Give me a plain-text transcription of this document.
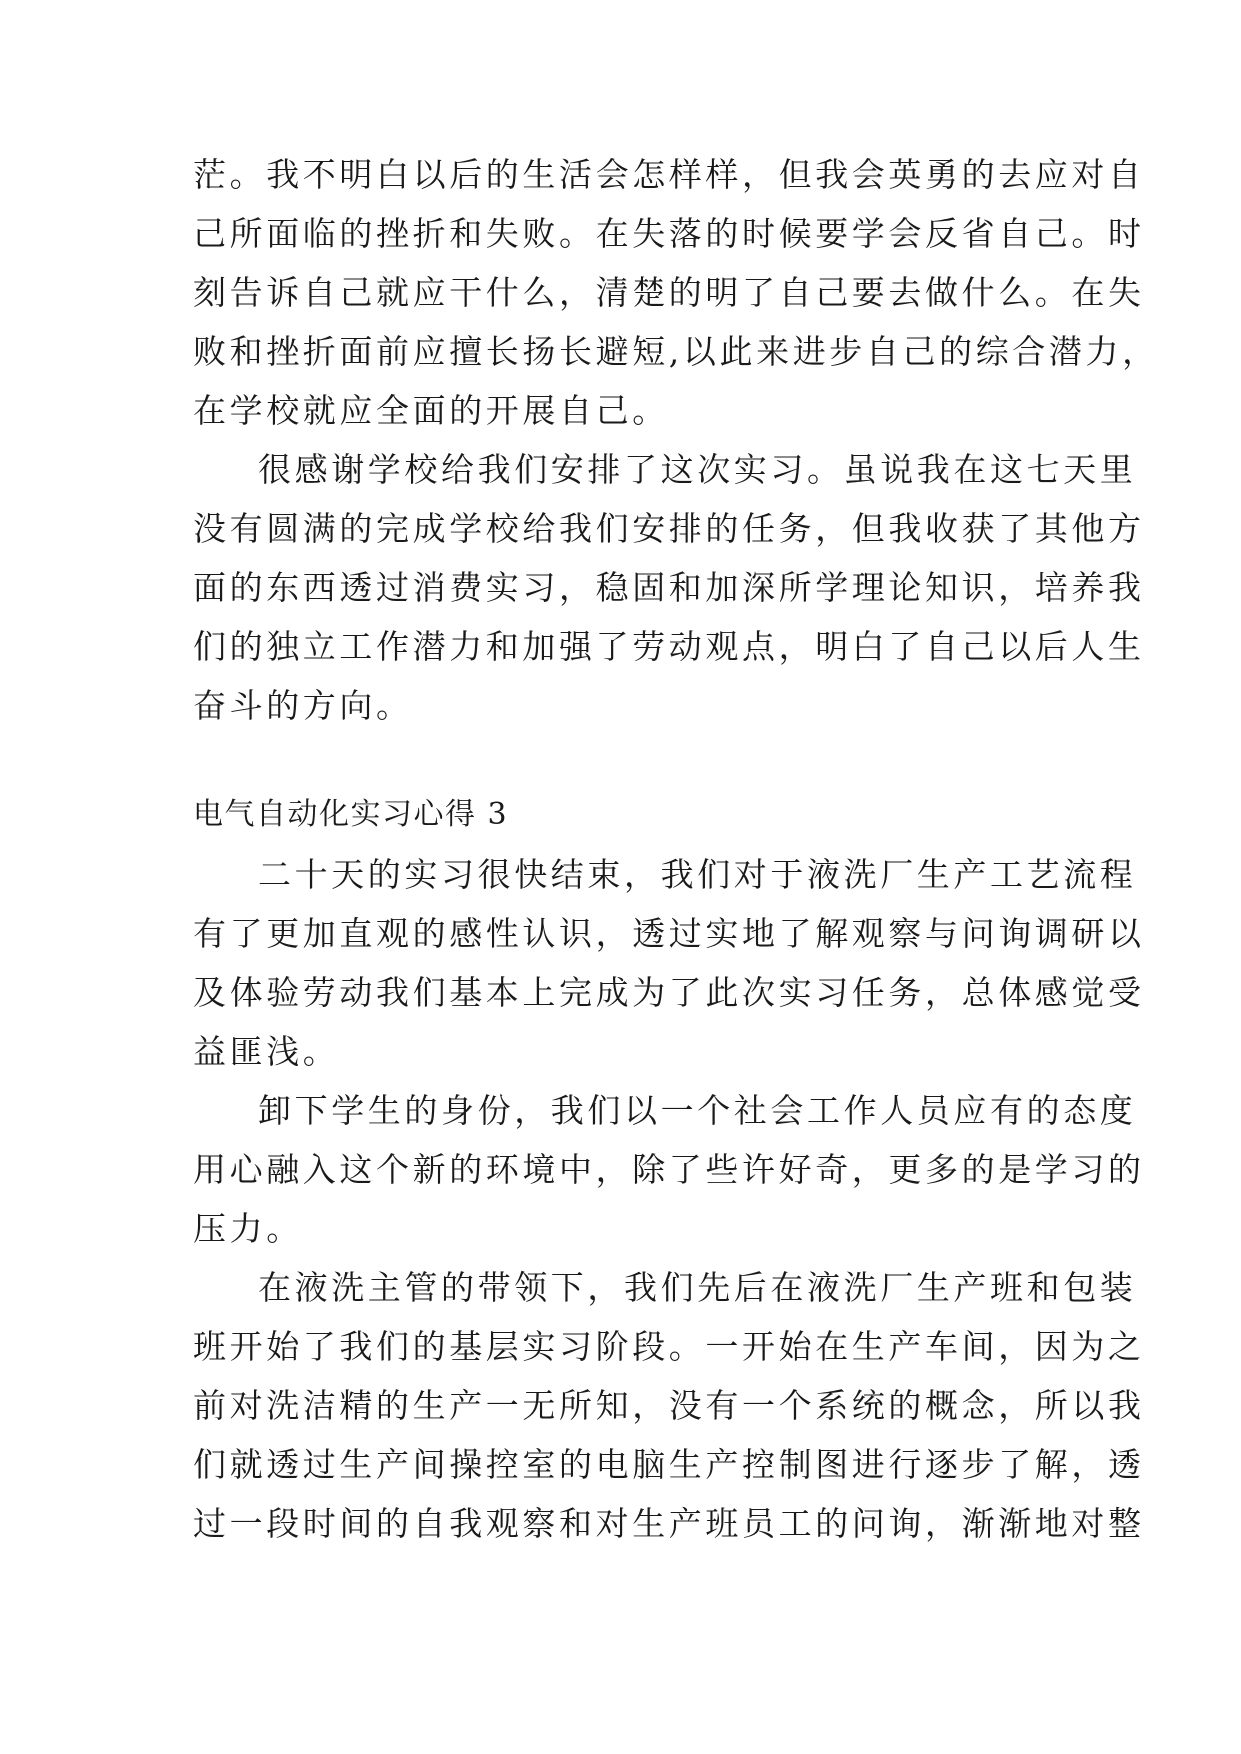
茫。我不明白以后的生活会怎样样，但我会英勇的去应对自
己所面临的挫折和失败。在失落的时候要学会反省自己。时
刻告诉自己就应干什么，清楚的明了自己要去做什么。在失
败和挫折面前应擅长扬长避短,以此来进步自己的综合潜力，
在学校就应全面的开展自己。
很感谢学校给我们安排了这次实习。虽说我在这七天里
没有圆满的完成学校给我们安排的任务，但我收获了其他方
面的东西透过消费实习，稳固和加深所学理论知识，培养我
们的独立工作潜力和加强了劳动观点，明白了自己以后人生
奋斗的方向。
电气自动化实习心得 3
二十天的实习很快结束，我们对于液洗厂生产工艺流程
有了更加直观的感性认识，透过实地了解观察与问询调研以
及体验劳动我们基本上完成为了此次实习任务，总体感觉受
益匪浅。
卸下学生的身份，我们以一个社会工作人员应有的态度
用心融入这个新的环境中，除了些许好奇，更多的是学习的
压力。
在液洗主管的带领下，我们先后在液洗厂生产班和包装
班开始了我们的基层实习阶段。一开始在生产车间，因为之
前对洗洁精的生产一无所知，没有一个系统的概念，所以我
们就透过生产间操控室的电脑生产控制图进行逐步了解，透
过一段时间的自我观察和对生产班员工的问询，渐渐地对整
